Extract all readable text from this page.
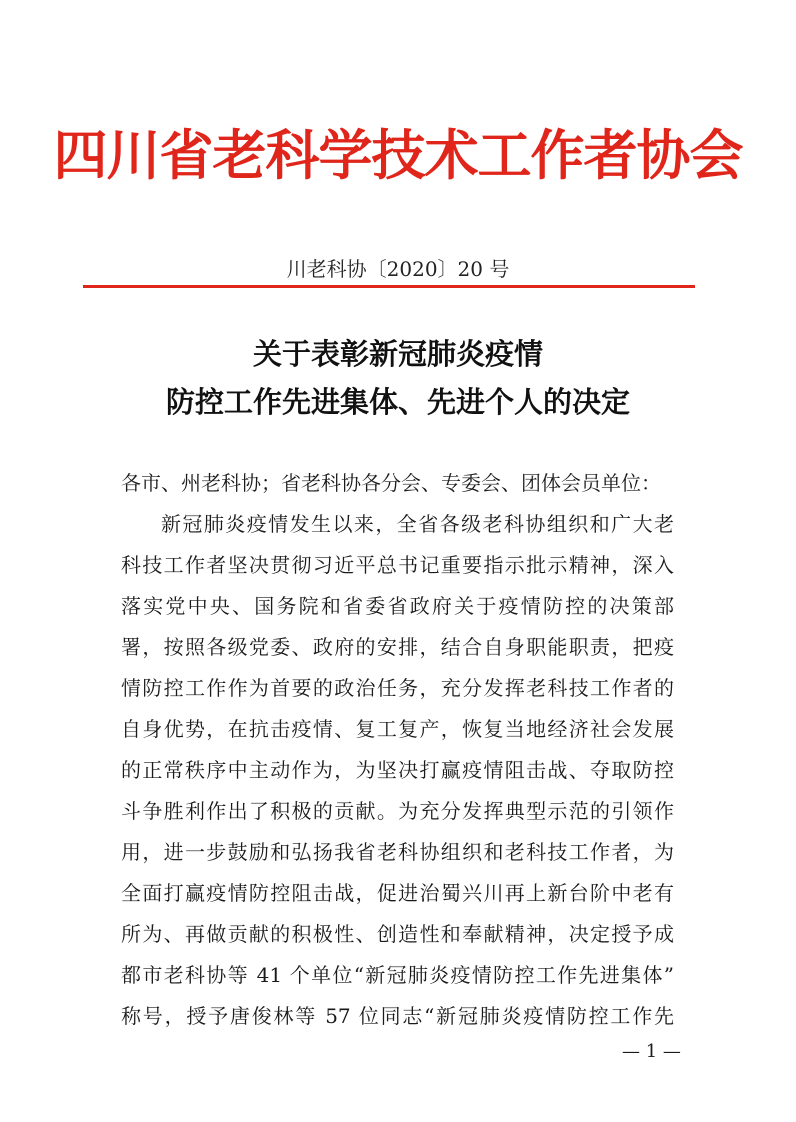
四川省老科学技术工作者协会
川老科协〔2020〕20 号
关于表彰新冠肺炎疫情
防控工作先进集体、先进个人的决定
各市、州老科协；省老科协各分会、专委会、团体会员单位：
新冠肺炎疫情发生以来，全省各级老科协组织和广大老
科技工作者坚决贯彻习近平总书记重要指示批示精神，深入
落实党中央、国务院和省委省政府关于疫情防控的决策部
署，按照各级党委、政府的安排，结合自身职能职责，把疫
情防控工作作为首要的政治任务，充分发挥老科技工作者的
自身优势，在抗击疫情、复工复产，恢复当地经济社会发展
的正常秩序中主动作为，为坚决打赢疫情阻击战、夺取防控
斗争胜利作出了积极的贡献。为充分发挥典型示范的引领作
用，进一步鼓励和弘扬我省老科协组织和老科技工作者，为
全面打赢疫情防控阻击战，促进治蜀兴川再上新台阶中老有
所为、再做贡献的积极性、创造性和奉献精神，决定授予成
都市老科协等 41 个单位“新冠肺炎疫情防控工作先进集体”
称号，授予唐俊林等 57 位同志“新冠肺炎疫情防控工作先
— 1 —
